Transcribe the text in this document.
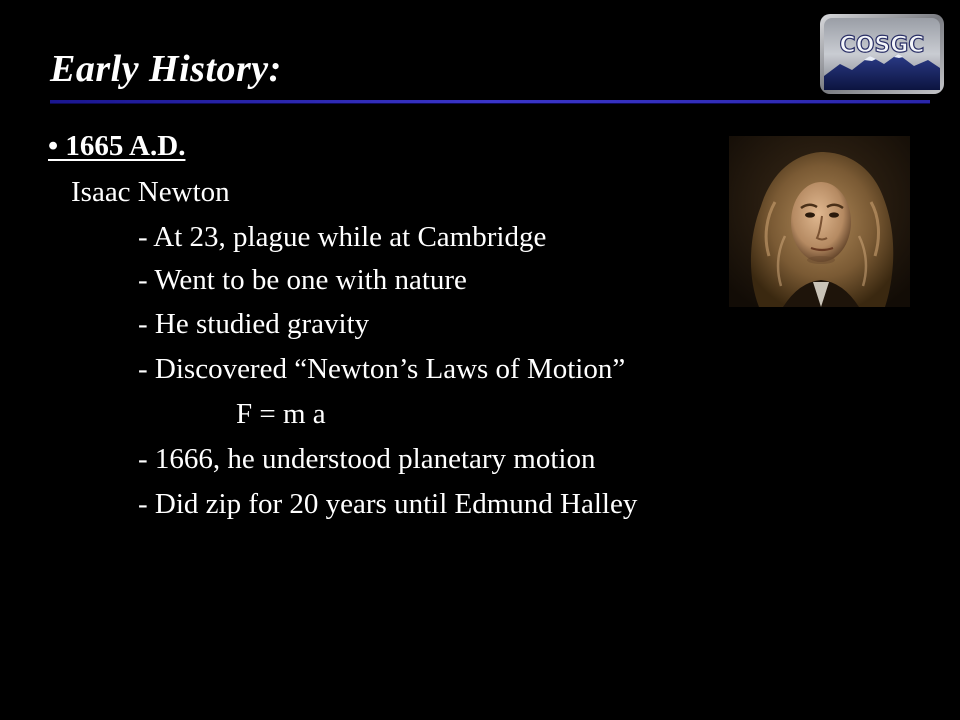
Early History:
COSGC
• 1665 A.D.
Isaac Newton
- At 23, plague while at Cambridge
- Went to be one with nature
- He studied gravity
- Discovered “Newton’s Laws of Motion”
F = m a
- 1666, he understood planetary motion
- Did zip for 20 years until Edmund Halley
